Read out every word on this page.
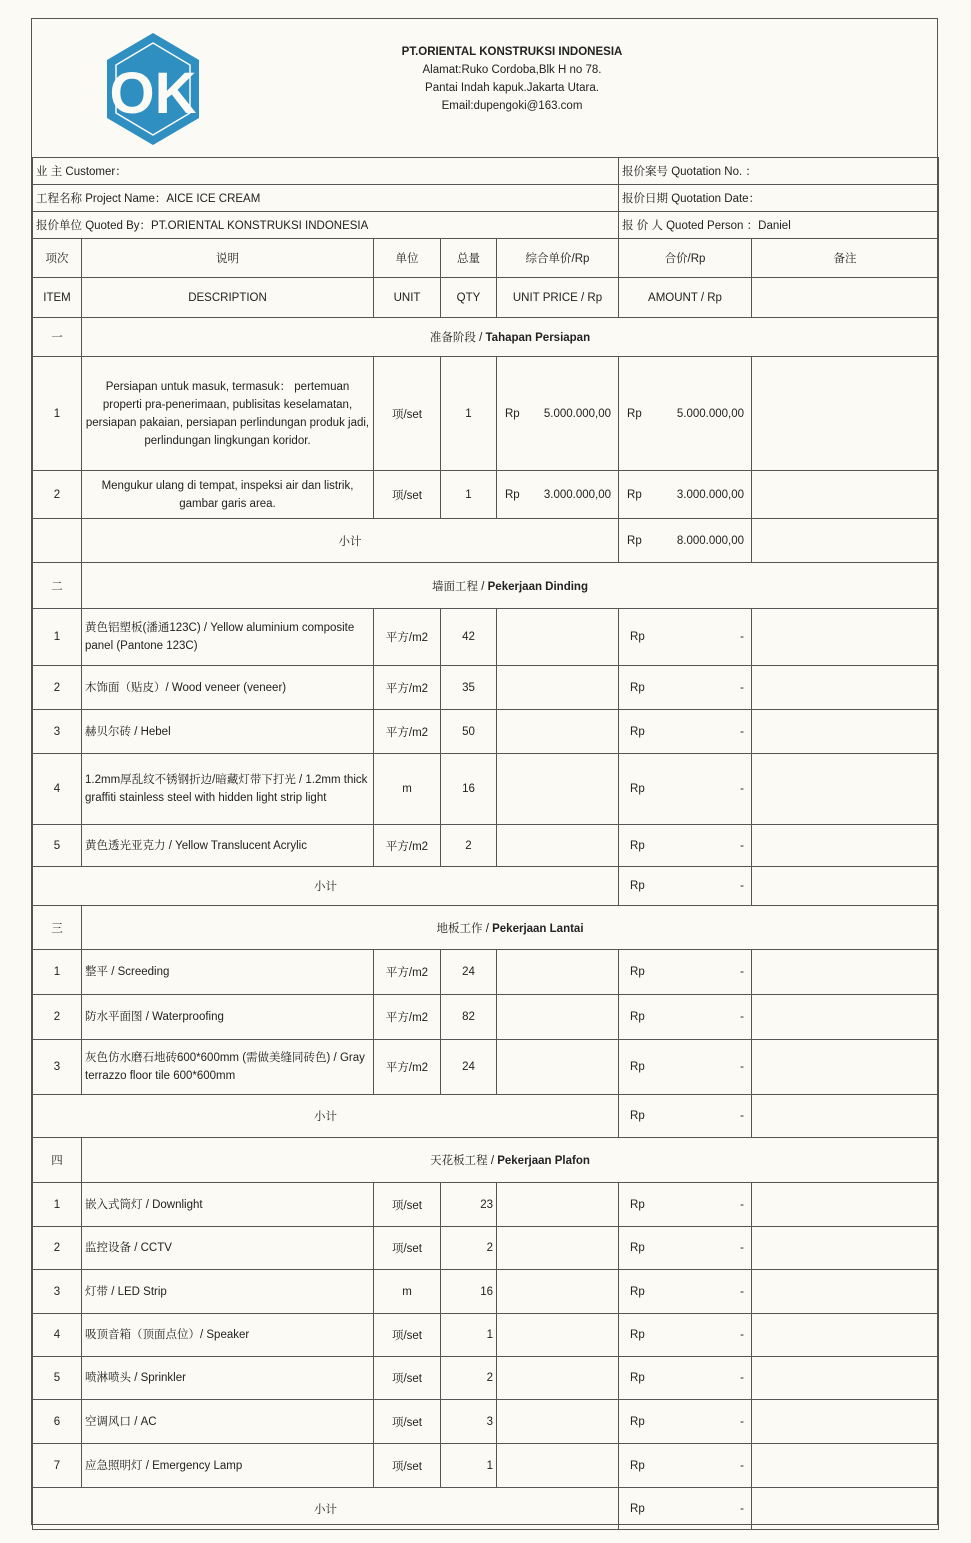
OK
PT.ORIENTAL KONSTRUKSI INDONESIA
Alamat:Ruko Cordoba,Blk H no 78.
Pantai Indah kapuk.Jakarta Utara.
Email:dupengoki@163.com
业 主 Customer：					报价案号 Quotation No. ：	
工程名称 Project Name：AICE ICE CREAM					报价日期 Quotation Date：	
报价单位 Quoted By：PT.ORIENTAL KONSTRUKSI INDONESIA					报 价 人 Quoted Person ：Daniel	
项次	说明	单位	总量	综合单价/Rp	合价/Rp	备注
ITEM	DESCRIPTION	UNIT	QTY	UNIT PRICE / Rp	AMOUNT / Rp	
一	准备阶段 / Tahapan Persiapan					
1	Persiapan untuk masuk, termasuk： pertemuan properti pra-penerimaan, publisitas keselamatan, persiapan pakaian, persiapan perlindungan produk jadi, perlindungan lingkungan koridor.	项/set	1	Rp 5.000.000,00	Rp 5.000.000,00	

2	Mengukur ulang di tempat, inspeksi air dan listrik, gambar garis area.	项/set	1	Rp 3.000.000,00	Rp 3.000.000,00	

	小计				Rp 8.000.000,00	

二	墙面工程 / Pekerjaan Dinding					
1	黄色铝塑板(潘通123C) / Yellow aluminium composite panel (Pantone 123C)	平方/m2	42		Rp -	

2	木饰面（贴皮）/ Wood veneer (veneer)	平方/m2	35		Rp -	

3	赫贝尔砖 / Hebel	平方/m2	50		Rp -	

4	1.2mm厚乱纹不锈钢折边/暗藏灯带下打光 / 1.2mm thick graffiti stainless steel with hidden light strip light	m	16		Rp -	

5	黄色透光亚克力 / Yellow Translucent Acrylic	平方/m2	2		Rp -	

小计					Rp -	

三	地板工作 / Pekerjaan Lantai					
1	整平 / Screeding	平方/m2	24		Rp -	

2	防水平面图 / Waterproofing	平方/m2	82		Rp -	

3	灰色仿水磨石地砖600*600mm (需做美缝同砖色) / Gray terrazzo floor tile 600*600mm	平方/m2	24		Rp -	

小计					Rp -	

四	天花板工程 / Pekerjaan Plafon					
1	嵌入式筒灯 / Downlight	项/set	23		Rp -	

2	监控设备 / CCTV	项/set	2		Rp -	

3	灯带 / LED Strip	m	16		Rp -	

4	吸顶音箱（顶面点位）/ Speaker	项/set	1		Rp -	

5	喷淋喷头 / Sprinkler	项/set	2		Rp -	

6	空调风口 / AC	项/set	3		Rp -	

7	应急照明灯 / Emergency Lamp	项/set	1		Rp -	

小计					Rp -	
